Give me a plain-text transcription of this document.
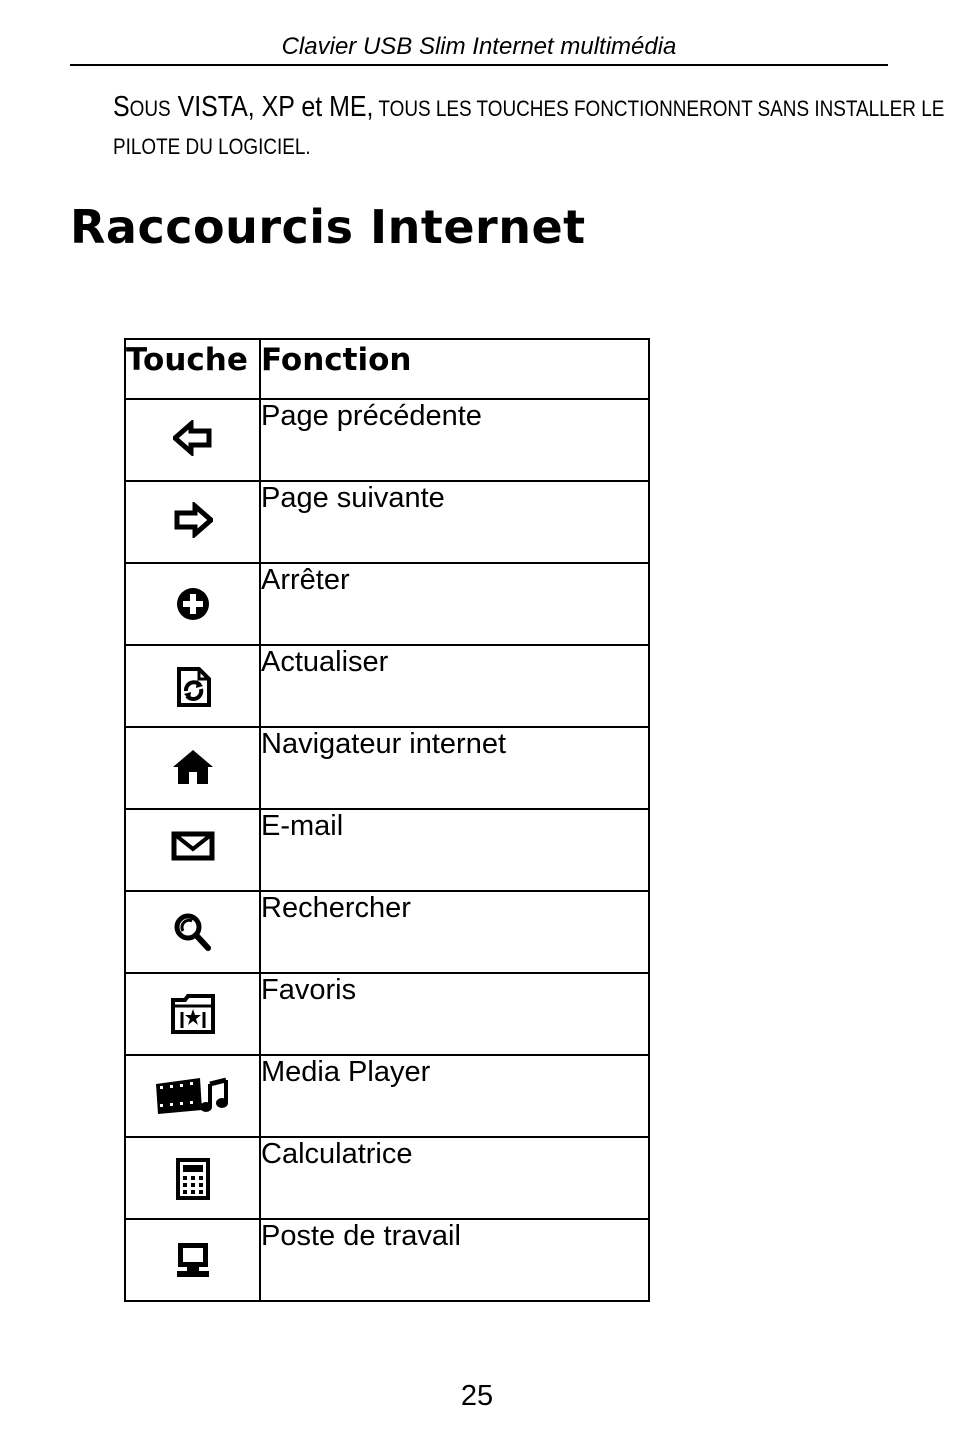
Clavier USB Slim Internet multimédia
SOUS VISTA, XP et ME, TOUS LES TOUCHES FONCTIONNERONT SANS INSTALLER LE
PILOTE DU LOGICIEL.
Raccourcis Internet
Touche	Fonction
	Page précédente
	Page suivante
	Arrêter
	Actualiser
	Navigateur internet
	E-mail
	Rechercher
	Favoris
	Media Player
	Calculatrice
	Poste de travail
25
